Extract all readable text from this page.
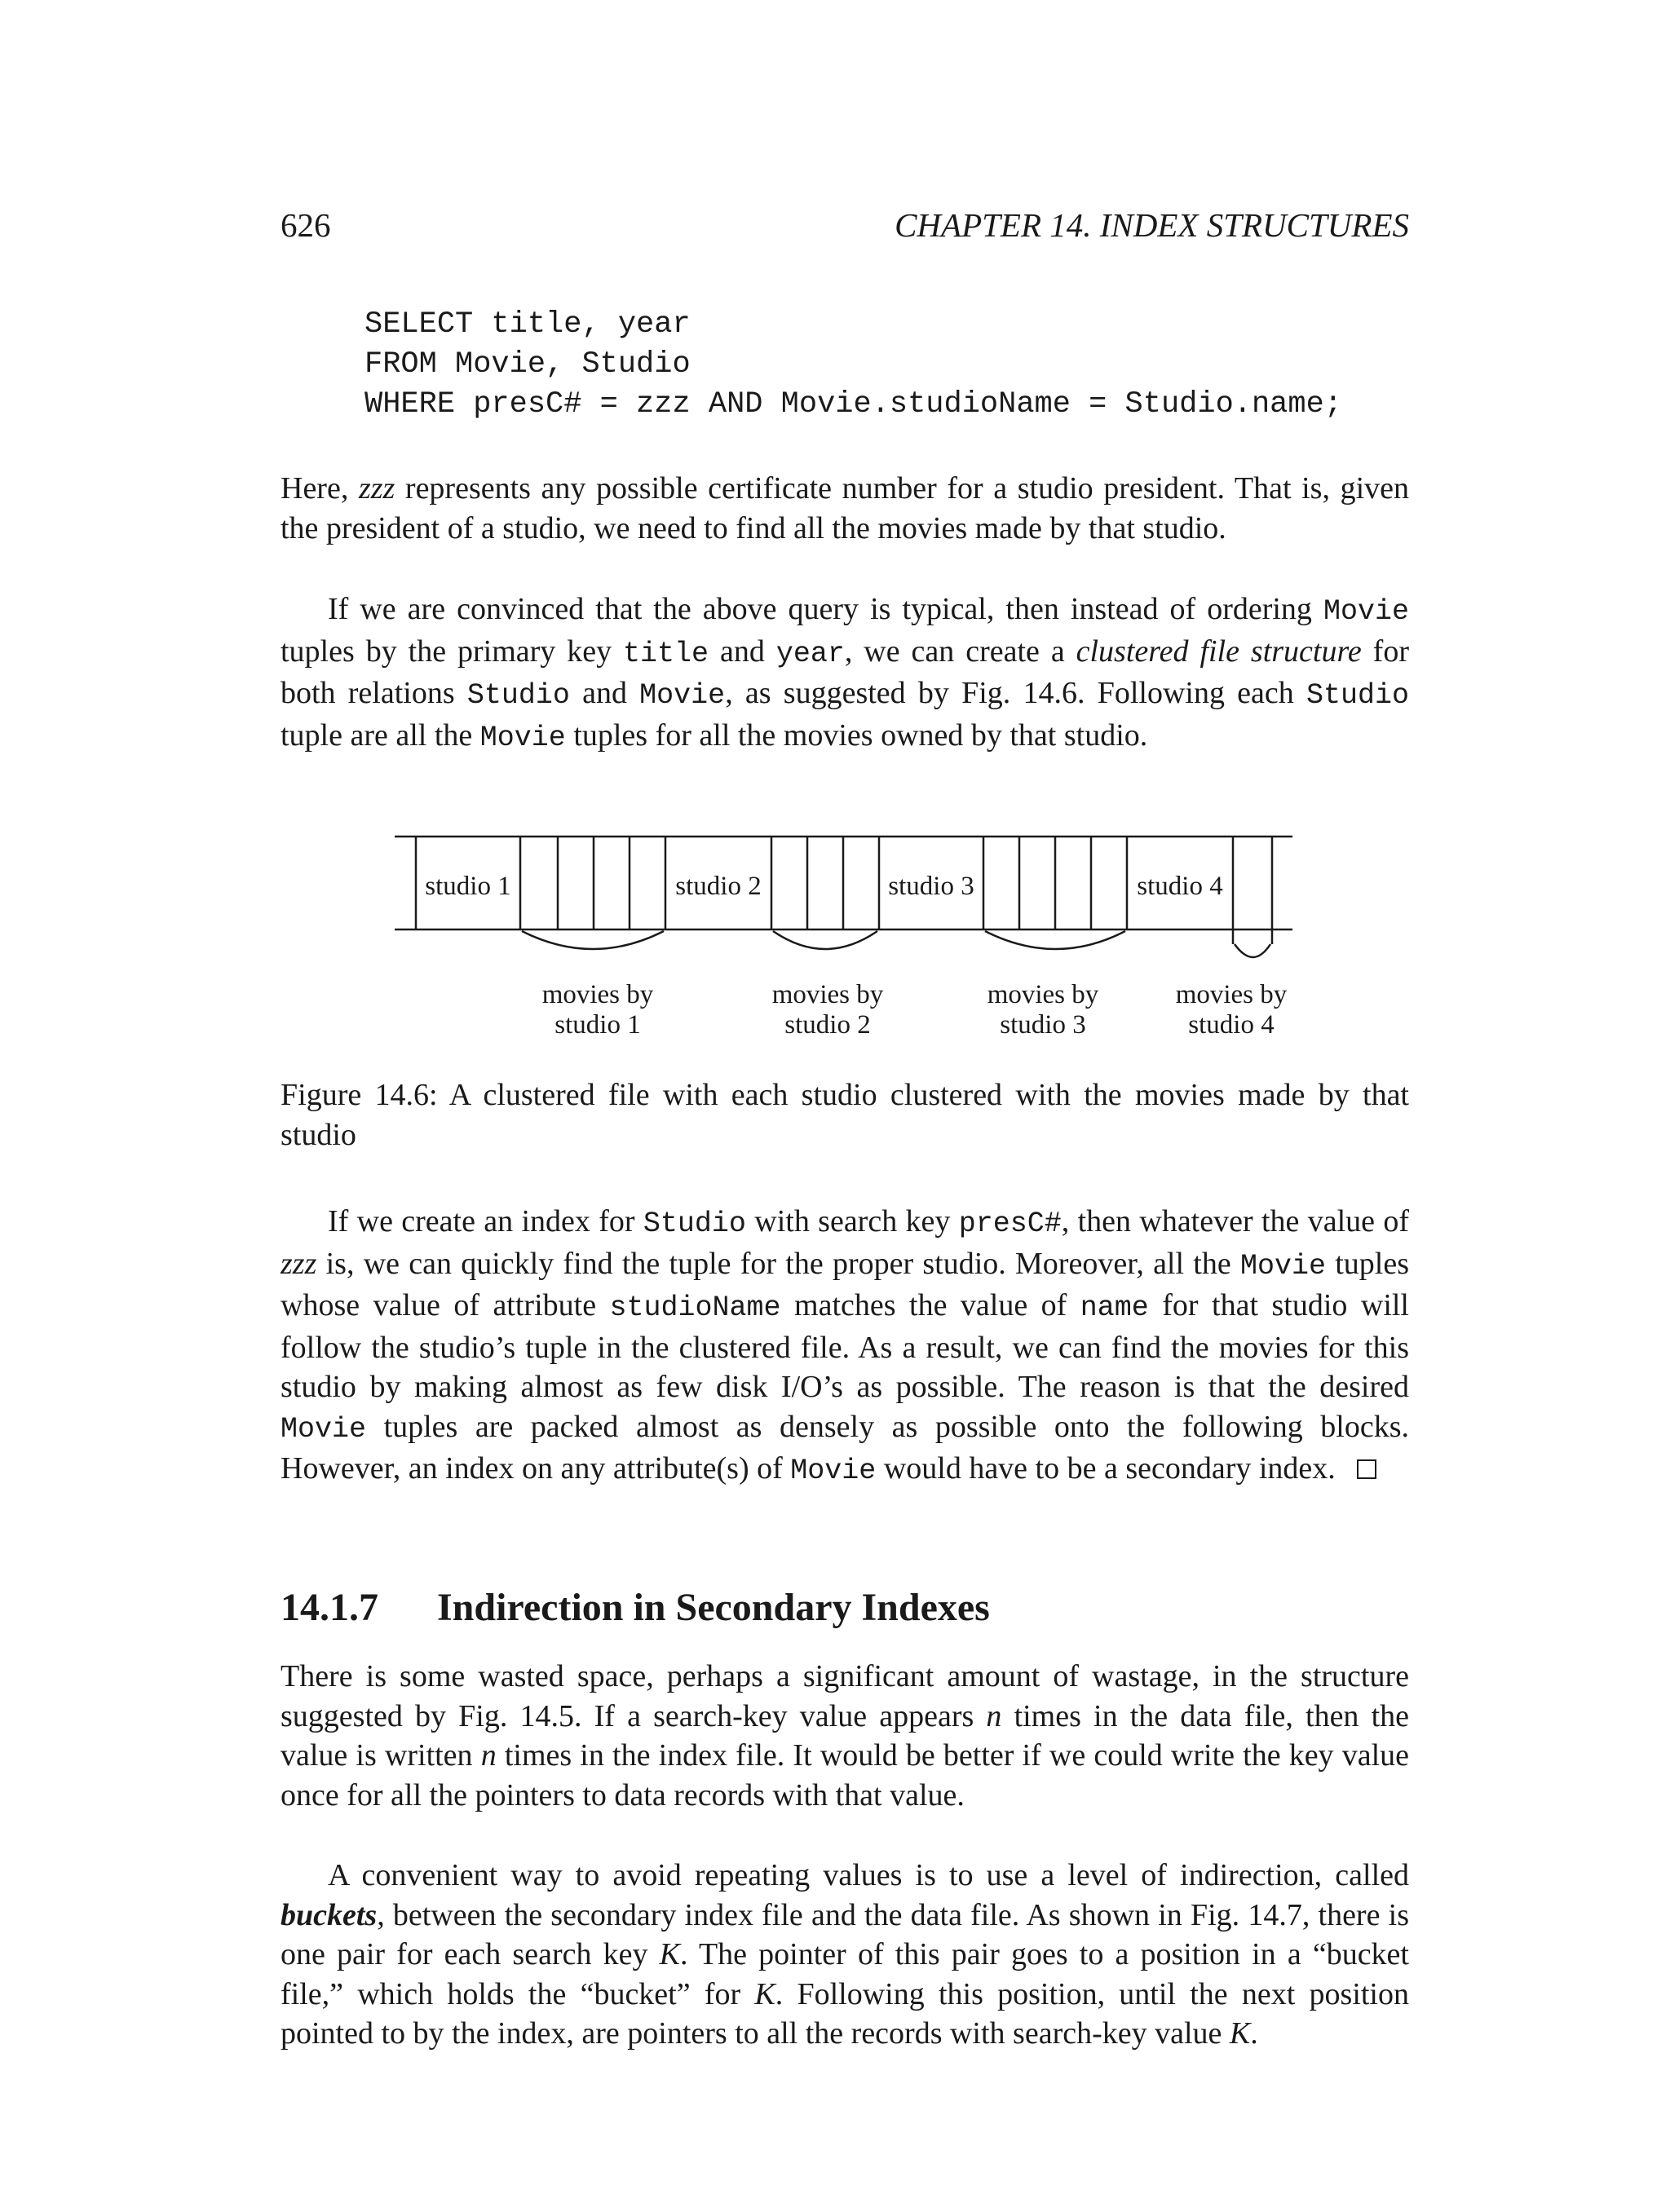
626	CHAPTER 14. INDEX STRUCTURES
SELECT title, year
FROM Movie, Studio
WHERE presC# = zzz AND Movie.studioName = Studio.name;

Here, zzz represents any possible certificate number for a studio president. That is, given the president of a studio, we need to find all the movies made by that studio.

If we are convinced that the above query is typical, then instead of ordering Movie tuples by the primary key title and year, we can create a clustered file structure for both relations Studio and Movie, as suggested by Fig. 14.6. Following each Studio tuple are all the Movie tuples for all the movies owned by that studio.

studio 1	studio 2	studio 3	studio 4
movies by
studio 1
movies by
studio 2
movies by
studio 3
movies by
studio 4

Figure 14.6: A clustered file with each studio clustered with the movies made by that studio

If we create an index for Studio with search key presC#, then whatever the value of zzz is, we can quickly find the tuple for the proper studio. Moreover, all the Movie tuples whose value of attribute studioName matches the value of name for that studio will follow the studio’s tuple in the clustered file. As a result, we can find the movies for this studio by making almost as few disk I/O’s as possible. The reason is that the desired Movie tuples are packed almost as densely as possible onto the following blocks. However, an index on any attribute(s) of Movie would have to be a secondary index.

14.1.7 Indirection in Secondary Indexes

There is some wasted space, perhaps a significant amount of wastage, in the structure suggested by Fig. 14.5. If a search-key value appears n times in the data file, then the value is written n times in the index file. It would be better if we could write the key value once for all the pointers to data records with that value.

A convenient way to avoid repeating values is to use a level of indirection, called buckets, between the secondary index file and the data file. As shown in Fig. 14.7, there is one pair for each search key K. The pointer of this pair goes to a position in a “bucket file,” which holds the “bucket” for K. Following this position, until the next position pointed to by the index, are pointers to all the records with search-key value K.
